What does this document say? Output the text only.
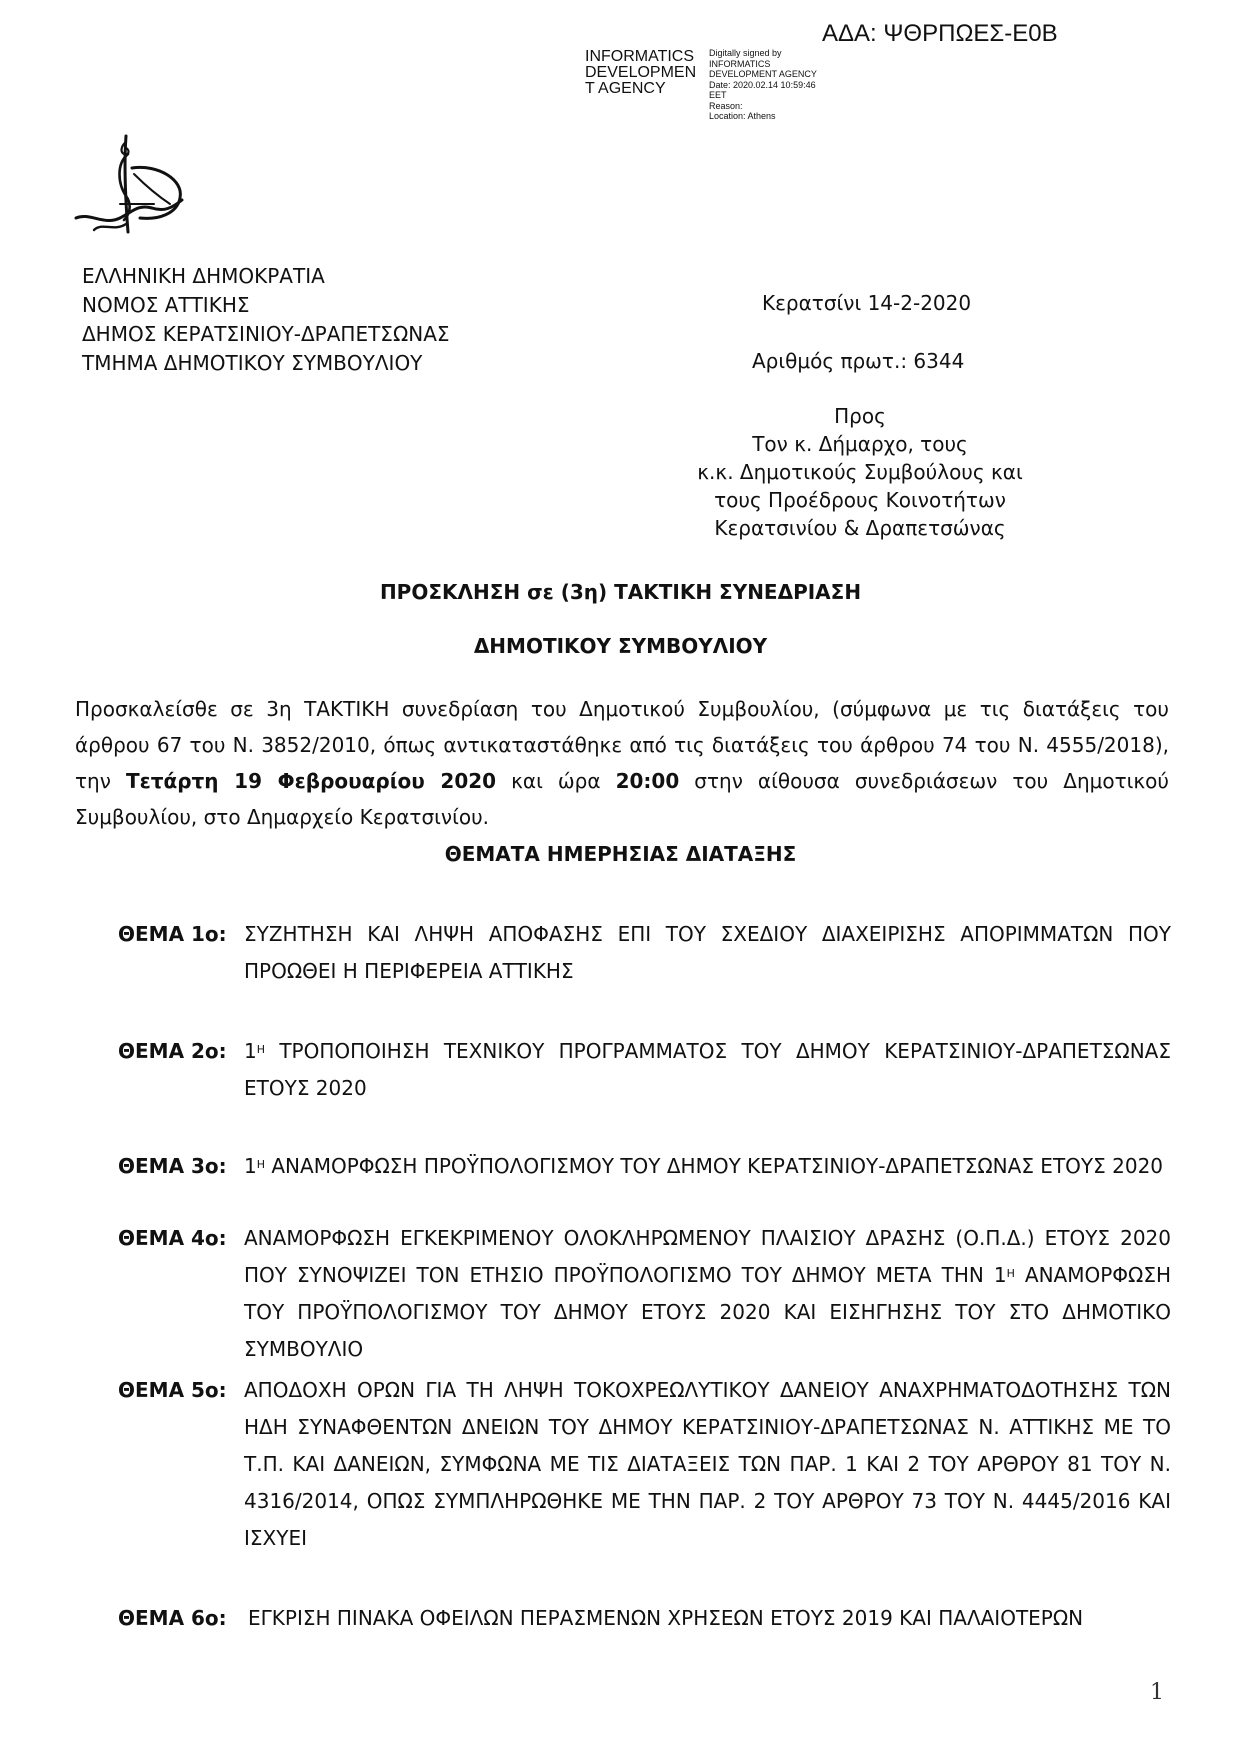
ΑΔΑ: ΨΘΡΠΩΕΣ-Ε0Β
INFORMATICS
DEVELOPMEN
T AGENCY
Digitally signed by
INFORMATICS
DEVELOPMENT AGENCY
Date: 2020.02.14 10:59:46
EET
Reason:
Location: Athens
ΕΛΛΗΝΙΚΗ ΔΗΜΟΚΡΑΤΙΑ
ΝΟΜΟΣ ΑΤΤΙΚΗΣ
ΔΗΜΟΣ ΚΕΡΑΤΣΙΝΙΟΥ-ΔΡΑΠΕΤΣΩΝΑΣ
ΤΜΗΜΑ ΔΗΜΟΤΙΚΟΥ ΣΥΜΒΟΥΛΙΟΥ
Κερατσίνι 14-2-2020
Αριθμός πρωτ.: 6344
Προς
Τον κ. Δήμαρχο, τους
κ.κ. Δημοτικούς Συμβούλους και
τους Προέδρους Κοινοτήτων
Κερατσινίου & Δραπετσώνας
ΠΡΟΣΚΛΗΣΗ σε (3η) ΤΑΚΤΙΚΗ ΣΥΝΕΔΡΙΑΣΗ
ΔΗΜΟΤΙΚΟΥ ΣΥΜΒΟΥΛΙΟΥ
Προσκαλείσθε σε 3η ΤΑΚΤΙΚΗ συνεδρίαση του Δημοτικού Συμβουλίου, (σύμφωνα με τις διατάξεις του άρθρου 67 του Ν. 3852/2010, όπως αντικαταστάθηκε από τις διατάξεις του άρθρου 74 του Ν. 4555/2018), την Τετάρτη 19 Φεβρουαρίου 2020 και ώρα 20:00 στην αίθουσα συνεδριάσεων του Δημοτικού Συμβουλίου, στο Δημαρχείο Κερατσινίου.
ΘΕΜΑΤΑ ΗΜΕΡΗΣΙΑΣ ΔΙΑΤΑΞΗΣ
ΘΕΜΑ 1ο: ΣΥΖΗΤΗΣΗ ΚΑΙ ΛΗΨΗ ΑΠΟΦΑΣΗΣ ΕΠΙ ΤΟΥ ΣΧΕΔΙΟΥ ΔΙΑΧΕΙΡΙΣΗΣ ΑΠΟΡΙΜΜΑΤΩΝ ΠΟΥ ΠΡΟΩΘΕΙ Η ΠΕΡΙΦΕΡΕΙΑ ΑΤΤΙΚΗΣ
ΘΕΜΑ 2ο: $1^H$ ΤΡΟΠΟΠΟΙΗΣΗ ΤΕΧΝΙΚΟΥ ΠΡΟΓΡΑΜΜΑΤΟΣ ΤΟΥ ΔΗΜΟΥ ΚΕΡΑΤΣΙΝΙΟΥ-ΔΡΑΠΕΤΣΩΝΑΣ ΕΤΟΥΣ 2020
ΘΕΜΑ 3ο: $1^H$ ΑΝΑΜΟΡΦΩΣΗ ΠΡΟΫΠΟΛΟΓΙΣΜΟΥ ΤΟΥ ΔΗΜΟΥ ΚΕΡΑΤΣΙΝΙΟΥ-ΔΡΑΠΕΤΣΩΝΑΣ ΕΤΟΥΣ 2020
ΘΕΜΑ 4ο: ΑΝΑΜΟΡΦΩΣΗ ΕΓΚΕΚΡΙΜΕΝΟΥ ΟΛΟΚΛΗΡΩΜΕΝΟΥ ΠΛΑΙΣΙΟΥ ΔΡΑΣΗΣ (Ο.Π.Δ.) ΕΤΟΥΣ 2020 ΠΟΥ ΣΥΝΟΨΙΖΕΙ ΤΟΝ ΕΤΗΣΙΟ ΠΡΟΫΠΟΛΟΓΙΣΜΟ ΤΟΥ ΔΗΜΟΥ ΜΕΤΑ ΤΗΝ $1^H$ ΑΝΑΜΟΡΦΩΣΗ ΤΟΥ ΠΡΟΫΠΟΛΟΓΙΣΜΟΥ ΤΟΥ ΔΗΜΟΥ ΕΤΟΥΣ 2020 ΚΑΙ ΕΙΣΗΓΗΣΗΣ ΤΟΥ ΣΤΟ ΔΗΜΟΤΙΚΟ ΣΥΜΒΟΥΛΙΟ
ΘΕΜΑ 5ο: ΑΠΟΔΟΧΗ ΟΡΩΝ ΓΙΑ ΤΗ ΛΗΨΗ ΤΟΚΟΧΡΕΩΛΥΤΙΚΟΥ ΔΑΝΕΙΟΥ ΑΝΑΧΡΗΜΑΤΟΔΟΤΗΣΗΣ ΤΩΝ ΗΔΗ ΣΥΝΑΦΘΕΝΤΩΝ ΔΝΕΙΩΝ ΤΟΥ ΔΗΜΟΥ ΚΕΡΑΤΣΙΝΙΟΥ-ΔΡΑΠΕΤΣΩΝΑΣ Ν. ΑΤΤΙΚΗΣ ΜΕ ΤΟ Τ.Π. ΚΑΙ ΔΑΝΕΙΩΝ, ΣΥΜΦΩΝΑ ΜΕ ΤΙΣ ΔΙΑΤΑΞΕΙΣ ΤΩΝ ΠΑΡ. 1 ΚΑΙ 2 ΤΟΥ ΑΡΘΡΟΥ 81 ΤΟΥ Ν. 4316/2014, ΟΠΩΣ ΣΥΜΠΛΗΡΩΘΗΚΕ ΜΕ ΤΗΝ ΠΑΡ. 2 ΤΟΥ ΑΡΘΡΟΥ 73 ΤΟΥ Ν. 4445/2016 ΚΑΙ ΙΣΧΥΕΙ
ΘΕΜΑ 6ο: ΕΓΚΡΙΣΗ ΠΙΝΑΚΑ ΟΦΕΙΛΩΝ ΠΕΡΑΣΜΕΝΩΝ ΧΡΗΣΕΩΝ ΕΤΟΥΣ 2019 ΚΑΙ ΠΑΛΑΙΟΤΕΡΩΝ
1
